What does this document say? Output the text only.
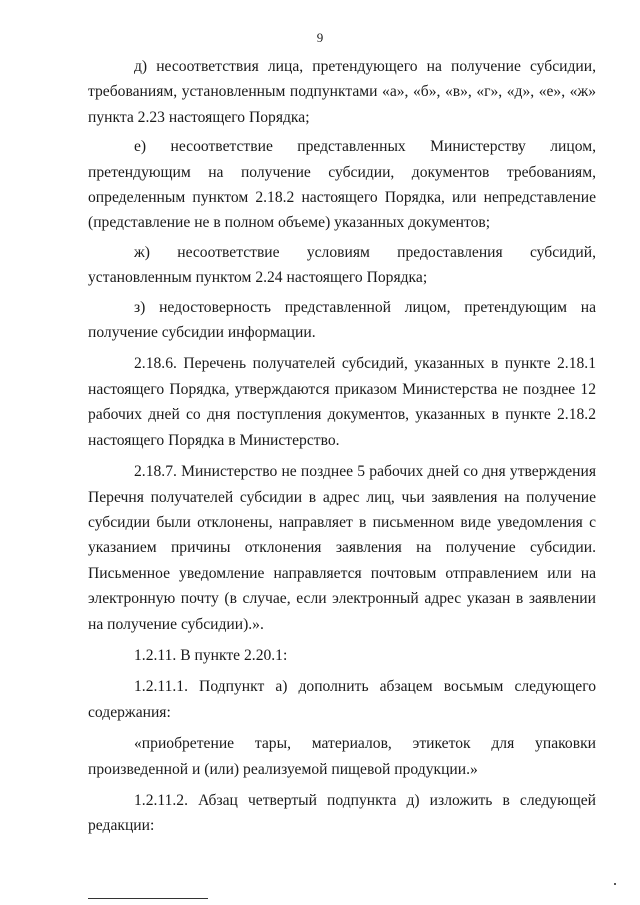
9

д) несоответствия лица, претендующего на получение субсидии, требованиям, установленным подпунктами «а», «б», «в», «г», «д», «е», «ж» пункта 2.23 настоящего Порядка;

е) несоответствие представленных Министерству лицом, претендующим на получение субсидии, документов требованиям, определенным пунктом 2.18.2 настоящего Порядка, или непредставление (представление не в полном объеме) указанных документов;

ж) несоответствие условиям предоставления субсидий, установленным пунктом 2.24 настоящего Порядка;

з) недостоверность представленной лицом, претендующим на получение субсидии информации.

2.18.6. Перечень получателей субсидий, указанных в пункте 2.18.1 настоящего Порядка, утверждаются приказом Министерства не позднее 12 рабочих дней со дня поступления документов, указанных в пункте 2.18.2 настоящего Порядка в Министерство.

2.18.7. Министерство не позднее 5 рабочих дней со дня утверждения Перечня получателей субсидии в адрес лиц, чьи заявления на получение субсидии были отклонены, направляет в письменном виде уведомления с указанием причины отклонения заявления на получение субсидии. Письменное уведомление направляется почтовым отправлением или на электронную почту (в случае, если электронный адрес указан в заявлении на получение субсидии).».

1.2.11. В пункте 2.20.1:

1.2.11.1. Подпункт а) дополнить абзацем восьмым следующего содержания:

«приобретение тары, материалов, этикеток для упаковки произведенной и (или) реализуемой пищевой продукции.»

1.2.11.2. Абзац четвертый подпункта д) изложить в следующей редакции:
